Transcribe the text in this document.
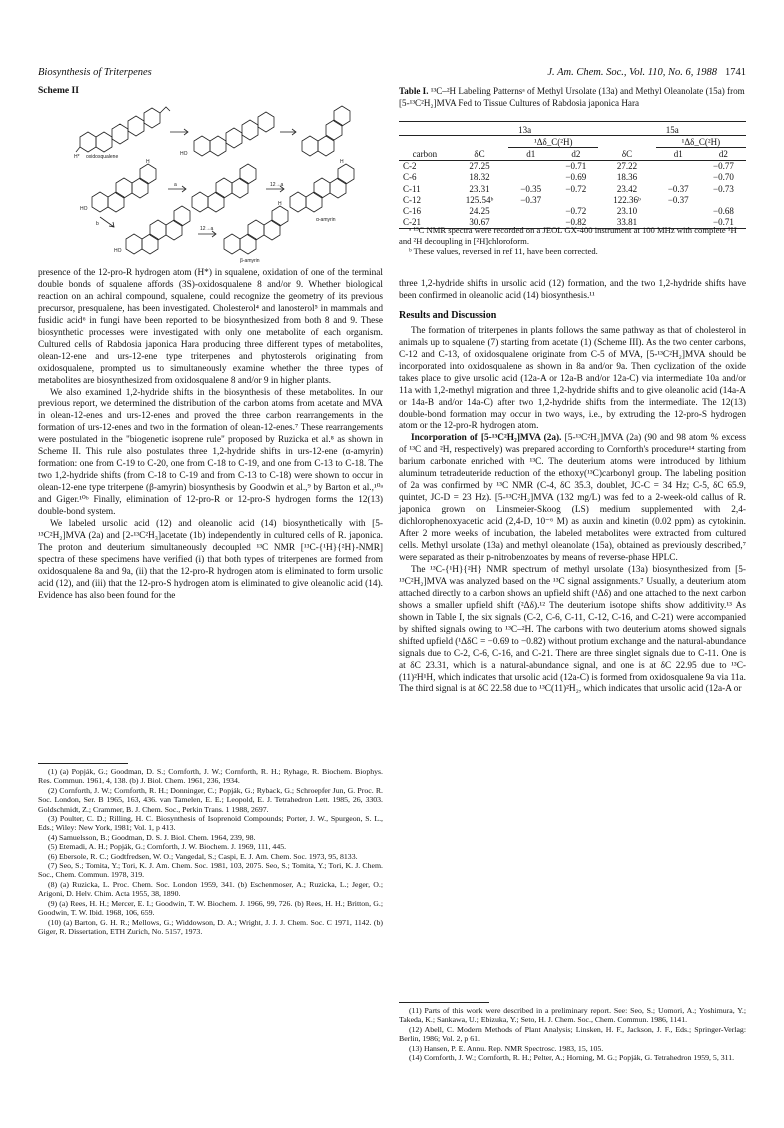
Biosynthesis of Triterpenes	J. Am. Chem. Soc., Vol. 110, No. 6, 1988 1741
Scheme II
H* oxidosqualene	HO
HO
HO
a
b
12→a
12→a
α-amyrin
β-amyrin
H	H
H
Table I. ¹³C–²H Labeling Patternsᵃ of Methyl Ursolate (13a) and Methyl Oleanolate (15a) from [5-¹³C²H₂]MVA Fed to Tissue Cultures of Rabdosia japonica Hara

	13a			15a		
		¹Δδ_C(²H)			¹Δδ_C(²H)	
carbon	δC	d1	d2	δC	d1	d2
C-2	27.25		−0.71	27.22		−0.77
C-6	18.32		−0.69	18.36		−0.70
C-11	23.31	−0.35	−0.72	23.42	−0.37	−0.73
C-12	125.54ᵇ	−0.37		122.36ᵇ	−0.37	
C-16	24.25		−0.72	23.10		−0.68
C-21	30.67		−0.82	33.81		−0.71

ᵃ ¹³C NMR spectra were recorded on a JEOL GX-400 instrument at 100 MHz with complete ¹H and ²H decoupling in [²H]chloroform.

ᵇ These values, reversed in ref 11, have been corrected.

presence of the 12-pro-R hydrogen atom (H*) in squalene, oxidation of one of the terminal double bonds of squalene affords (3S)-oxidosqualene 8 and/or 9. Whether biological reaction on an achiral compound, squalene, could recognize the geometry of its previous precursor, presqualene, has been investigated. Cholesterol⁴ and lanosterol⁵ in mammals and fusidic acid⁶ in fungi have been reported to be biosynthesized from both 8 and 9. These biosynthetic processes were investigated with only one metabolite of each organism. Cultured cells of Rabdosia japonica Hara producing three different types of metabolites, olean-12-ene and urs-12-ene type triterpenes and phytosterols originating from oxidosqualene, prompted us to simultaneously examine whether the three types of metabolites are biosynthesized from oxidosqualene 8 and/or 9 in higher plants.

We also examined 1,2-hydride shifts in the biosynthesis of these metabolites. In our previous report, we determined the distribution of the carbon atoms from acetate and MVA in olean-12-enes and urs-12-enes and proved the three carbon rearrangements in the formation of urs-12-enes and two in the formation of olean-12-enes.⁷ These rearrangements were postulated in the "biogenetic isoprene rule" proposed by Ruzicka et al.⁸ as shown in Scheme II. This rule also postulates three 1,2-hydride shifts in urs-12-ene (α-amyrin) formation: one from C-19 to C-20, one from C-18 to C-19, and one from C-13 to C-18. The two 1,2-hydride shifts (from C-18 to C-19 and from C-13 to C-18) were shown to occur in olean-12-ene type triterpene (β-amyrin) biosynthesis by Goodwin et al.,⁹ by Barton et al.,¹⁰ᵃ and Giger.¹⁰ᵇ Finally, elimination of 12-pro-R or 12-pro-S hydrogen forms the 12(13) double-bond system.

We labeled ursolic acid (12) and oleanolic acid (14) biosynthetically with [5-¹³C²H₂]MVA (2a) and [2-¹³C²H₃]acetate (1b) independently in cultured cells of R. japonica. The proton and deuterium simultaneously decoupled ¹³C NMR [¹³C-{¹H}{²H}-NMR] spectra of these specimens have verified (i) that both types of triterpenes are formed from oxidosqualene 8a and 9a, (ii) that the 12-pro-R hydrogen atom is eliminated to form ursolic acid (12), and (iii) that the 12-pro-S hydrogen atom is eliminated to give oleanolic acid (14). Evidence has also been found for the

(1) (a) Popják, G.; Goodman, D. S.; Cornforth, J. W.; Cornforth, R. H.; Ryhage, R. Biochem. Biophys. Res. Commun. 1961, 4, 138. (b) J. Biol. Chem. 1961, 236, 1934.

(2) Cornforth, J. W.; Cornforth, R. H.; Donninger, C.; Popják, G.; Ryback, G.; Schroepfer Jun, G. Proc. R. Soc. London, Ser. B 1965, 163, 436. van Tamelen, E. E.; Leopold, E. J. Tetrahedron Lett. 1985, 26, 3303. Goldschmidt, Z.; Crammer, B. J. Chem. Soc., Perkin Trans. 1 1988, 2697.

(3) Poulter, C. D.; Rilling, H. C. Biosynthesis of Isoprenoid Compounds; Porter, J. W., Spurgeon, S. L., Eds.; Wiley: New York, 1981; Vol. 1, p 413.

(4) Samuelsson, B.; Goodman, D. S. J. Biol. Chem. 1964, 239, 98.

(5) Etemadi, A. H.; Popják, G.; Cornforth, J. W. Biochem. J. 1969, 111, 445.

(6) Ebersole, R. C.; Godtfredsen, W. O.; Vangedal, S.; Caspi, E. J. Am. Chem. Soc. 1973, 95, 8133.

(7) Seo, S.; Tomita, Y.; Tori, K. J. Am. Chem. Soc. 1981, 103, 2075. Seo, S.; Tomita, Y.; Tori, K. J. Chem. Soc., Chem. Commun. 1978, 319.

(8) (a) Ruzicka, L. Proc. Chem. Soc. London 1959, 341. (b) Eschenmoser, A.; Ruzicka, L.; Jeger, O.; Arigoni, D. Helv. Chim. Acta 1955, 38, 1890.

(9) (a) Rees, H. H.; Mercer, E. I.; Goodwin, T. W. Biochem. J. 1966, 99, 726. (b) Rees, H. H.; Britton, G.; Goodwin, T. W. Ibid. 1968, 106, 659.

(10) (a) Barton, G. H. R.; Mellows, G.; Widdowson, D. A.; Wright, J. J. J. Chem. Soc. C 1971, 1142. (b) Giger, R. Dissertation, ETH Zurich, No. 5157, 1973.

three 1,2-hydride shifts in ursolic acid (12) formation, and the two 1,2-hydride shifts have been confirmed in oleanolic acid (14) biosynthesis.¹¹

Results and Discussion

The formation of triterpenes in plants follows the same pathway as that of cholesterol in animals up to squalene (7) starting from acetate (1) (Scheme III). As the two center carbons, C-12 and C-13, of oxidosqualene originate from C-5 of MVA, [5-¹³C²H₂]MVA should be incorporated into oxidosqualene as shown in 8a and/or 9a. Then cyclization of the oxide takes place to give ursolic acid (12a-A or 12a-B and/or 12a-C) via intermediate 10a and/or 11a with 1,2-methyl migration and three 1,2-hydride shifts and to give oleanolic acid (14a-A or 14a-B and/or 14a-C) after two 1,2-hydride shifts from the intermediate. The 12(13) double-bond formation may occur in two ways, i.e., by extruding the 12-pro-S hydrogen atom or the 12-pro-R hydrogen atom.

Incorporation of [5-¹³C²H₂]MVA (2a). [5-¹³C²H₂]MVA (2a) (90 and 98 atom % excess of ¹³C and ²H, respectively) was prepared according to Cornforth's procedure¹⁴ starting from barium carbonate enriched with ¹³C. The deuterium atoms were introduced by lithium aluminum tetradeuteride reduction of the ethoxy(¹³C)carbonyl group. The labeling position of 2a was confirmed by ¹³C NMR (C-4, δC 35.3, doublet, JC-C = 34 Hz; C-5, δC 65.9, quintet, JC-D = 23 Hz). [5-¹³C²H₂]MVA (132 mg/L) was fed to a 2-week-old callus of R. japonica grown on Linsmeier-Skoog (LS) medium supplemented with 2,4-dichlorophenoxyacetic acid (2,4-D, 10⁻⁶ M) as auxin and kinetin (0.02 ppm) as cytokinin. After 2 more weeks of incubation, the labeled metabolites were extracted from cultured cells. Methyl ursolate (13a) and methyl oleanolate (15a), obtained as previously described,⁷ were separated as their p-nitrobenzoates by means of reverse-phase HPLC.

The ¹³C-{¹H}{²H} NMR spectrum of methyl ursolate (13a) biosynthesized from [5-¹³C²H₂]MVA was analyzed based on the ¹³C signal assignments.⁷ Usually, a deuterium atom attached directly to a carbon shows an upfield shift (¹Δδ) and one attached to the next carbon shows a smaller upfield shift (²Δδ).¹² The deuterium isotope shifts show additivity.¹³ As shown in Table I, the six signals (C-2, C-6, C-11, C-12, C-16, and C-21) were accompanied by shifted signals owing to ¹³C–²H. The carbons with two deuterium atoms showed signals shifted upfield (¹ΔδC = −0.69 to −0.82) without protium exchange and the natural-abundance signals due to C-2, C-6, C-16, and C-21. There are three singlet signals due to C-11. One is at δC 23.31, which is a natural-abundance signal, and one is at δC 22.95 due to ¹³C-(11)²H¹H, which indicates that ursolic acid (12a-C) is formed from oxidosqualene 9a via 11a. The third signal is at δC 22.58 due to ¹³C(11)²H₂, which indicates that ursolic acid (12a-A or

(11) Parts of this work were described in a preliminary report. See: Seo, S.; Uomori, A.; Yoshimura, Y.; Takeda, K.; Sankawa, U.; Ebizuka, Y.; Seto, H. J. Chem. Soc., Chem. Commun. 1986, 1141.

(12) Abell, C. Modern Methods of Plant Analysis; Linsken, H. F., Jackson, J. F., Eds.; Springer-Verlag: Berlin, 1986; Vol. 2, p 61.

(13) Hansen, P. E. Annu. Rep. NMR Spectrosc. 1983, 15, 105.

(14) Cornforth, J. W.; Cornforth, R. H.; Pelter, A.; Horning, M. G.; Popják, G. Tetrahedron 1959, 5, 311.
